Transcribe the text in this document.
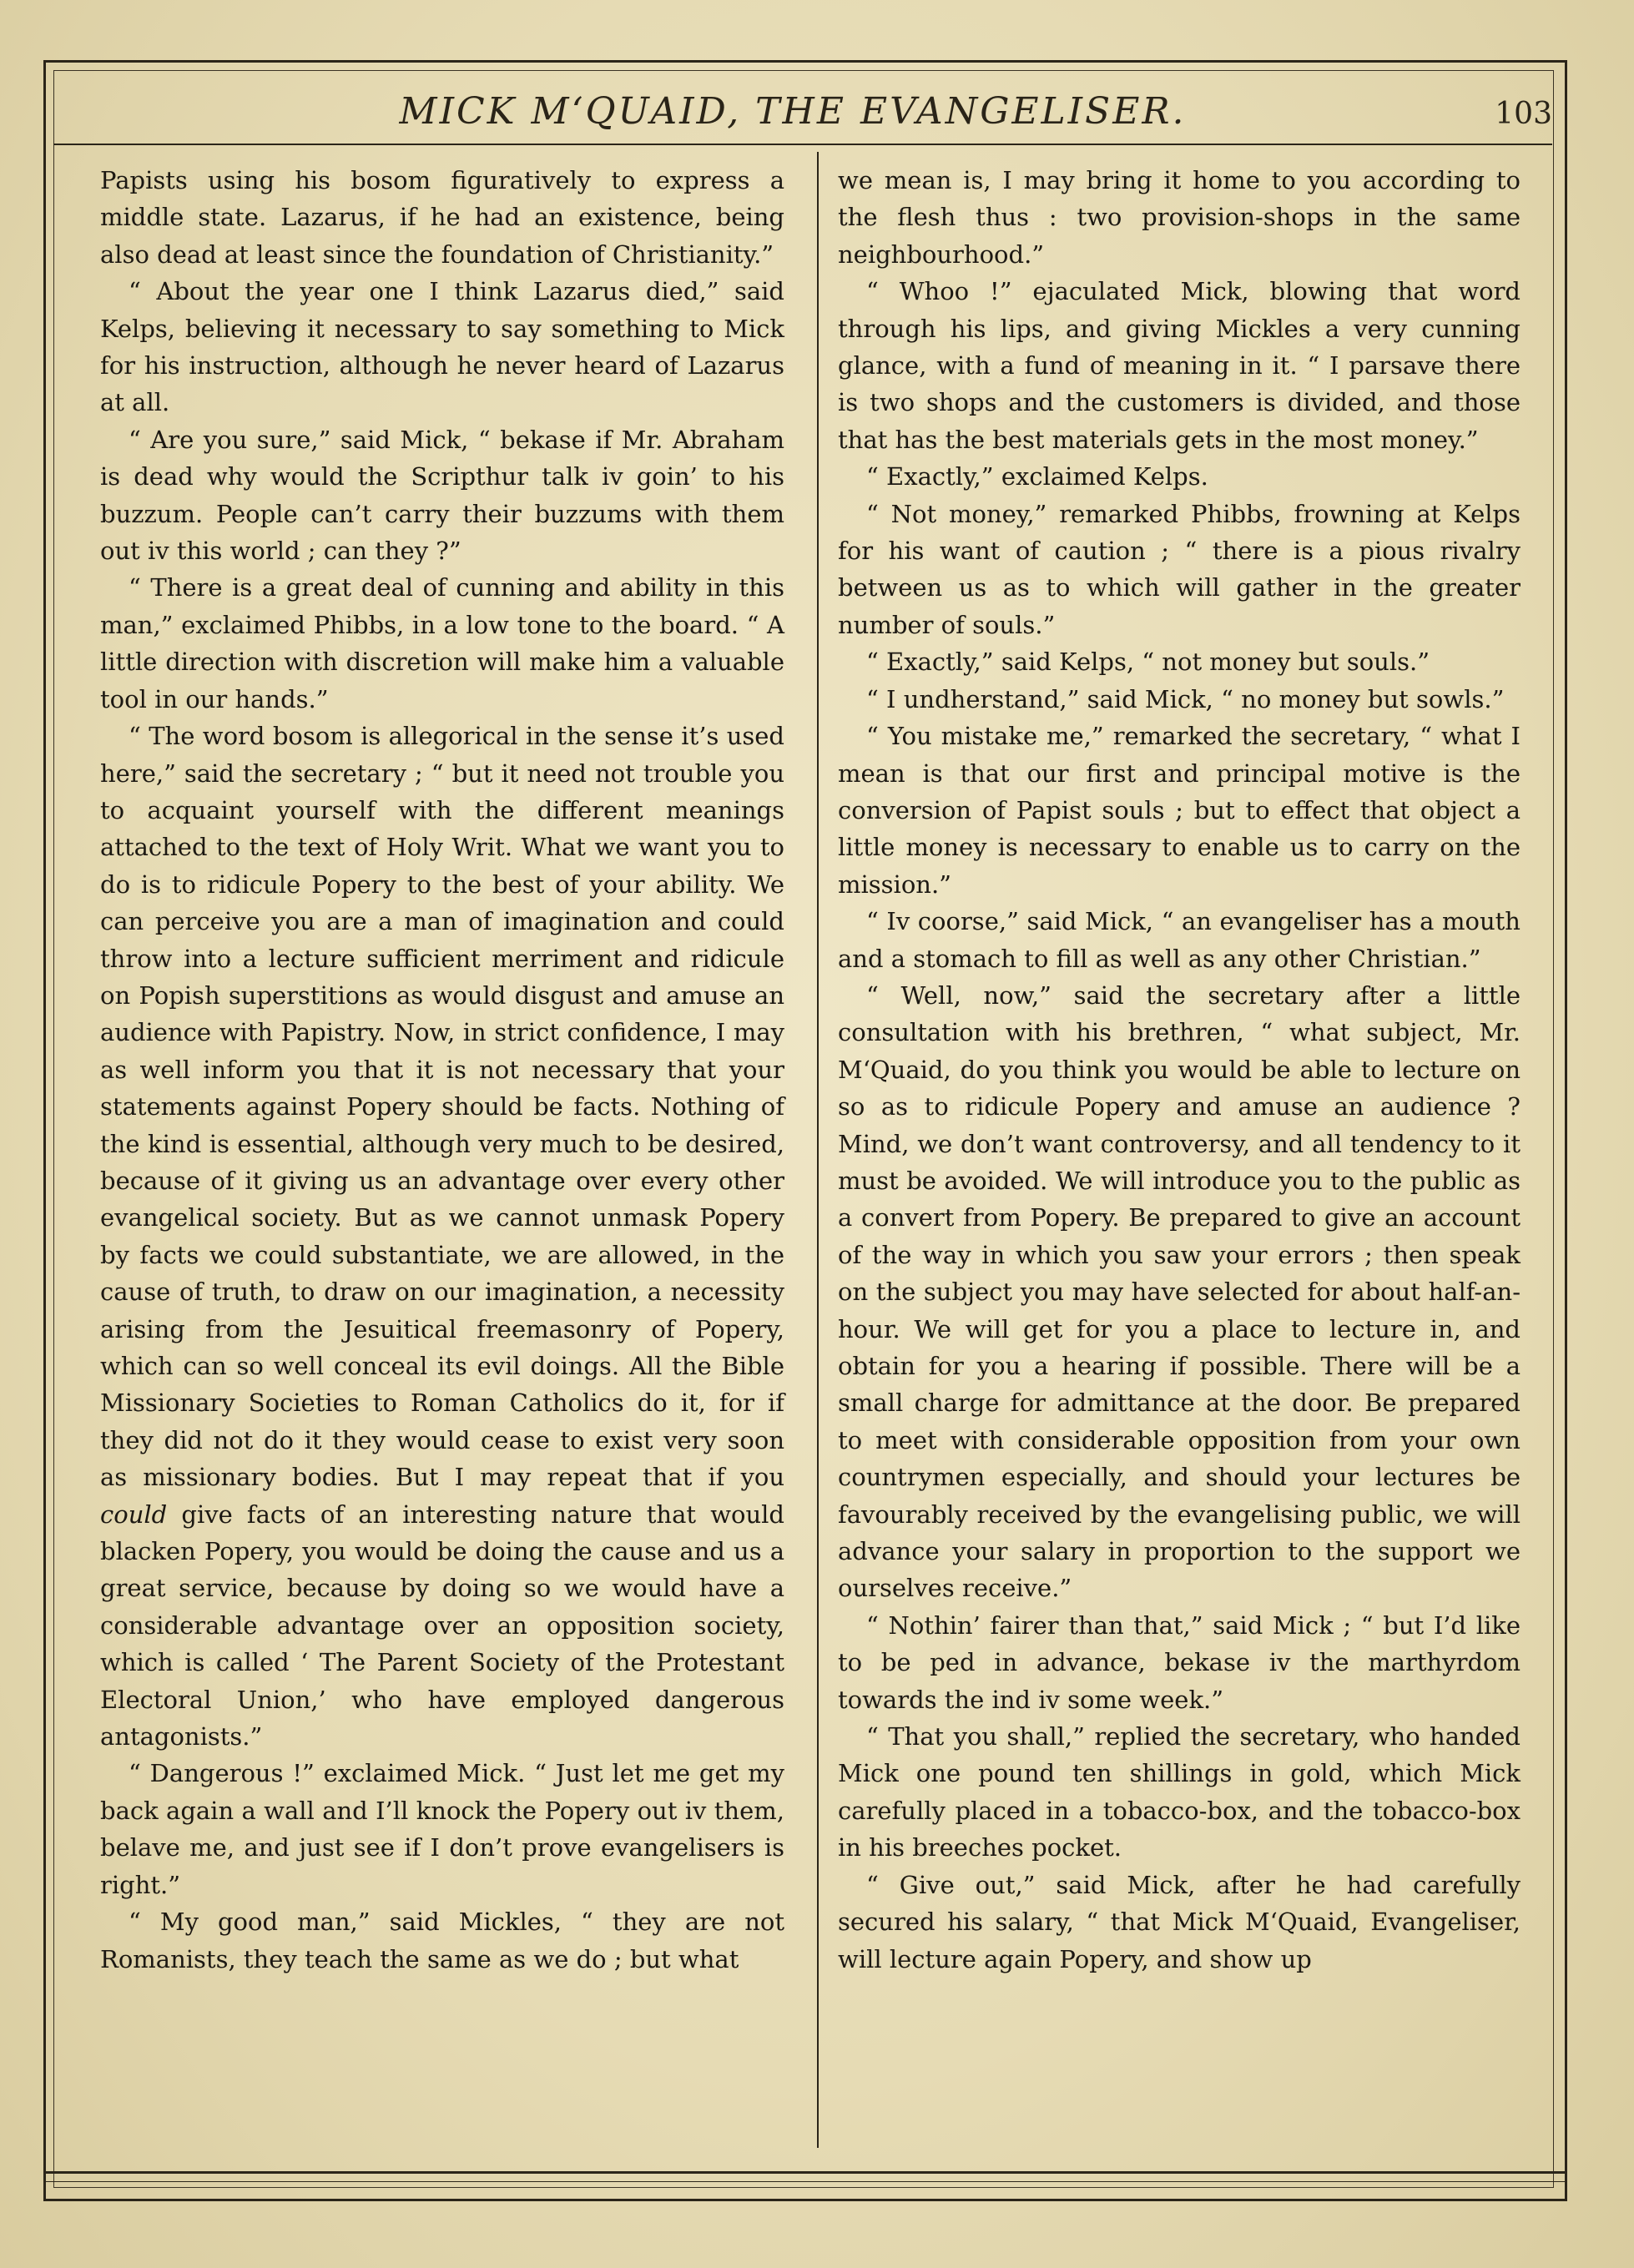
MICK M‘QUAID, THE EVANGELISER.	103

Papists using his bosom figuratively to express a middle state. Lazarus, if he had an existence, being also dead at least since the foundation of Christianity.”

“ About the year one I think Lazarus died,” said Kelps, believing it necessary to say something to Mick for his instruction, although he never heard of Lazarus at all.

“ Are you sure,” said Mick, “ bekase if Mr. Abraham is dead why would the Scripthur talk iv goin’ to his buzzum. People can’t carry their buzzums with them out iv this world ; can they ?”

“ There is a great deal of cunning and ability in this man,” exclaimed Phibbs, in a low tone to the board. “ A little direction with discretion will make him a valuable tool in our hands.”

“ The word bosom is allegorical in the sense it’s used here,” said the secretary ; “ but it need not trouble you to acquaint yourself with the different meanings attached to the text of Holy Writ. What we want you to do is to ridicule Popery to the best of your ability. We can perceive you are a man of imagination and could throw into a lecture sufficient merriment and ridicule on Popish superstitions as would disgust and amuse an audience with Papistry. Now, in strict confidence, I may as well inform you that it is not necessary that your statements against Popery should be facts. Nothing of the kind is essential, although very much to be desired, because of it giving us an advantage over every other evangelical society. But as we cannot unmask Popery by facts we could substantiate, we are allowed, in the cause of truth, to draw on our imagination, a necessity arising from the Jesuitical freemasonry of Popery, which can so well conceal its evil doings. All the Bible Missionary Societies to Roman Catholics do it, for if they did not do it they would cease to exist very soon as missionary bodies. But I may repeat that if you could give facts of an interesting nature that would blacken Popery, you would be doing the cause and us a great service, because by doing so we would have a considerable advantage over an opposition society, which is called ‘ The Parent Society of the Protestant Electoral Union,’ who have employed dangerous antagonists.”

“ Dangerous !” exclaimed Mick. “ Just let me get my back again a wall and I’ll knock the Popery out iv them, belave me, and just see if I don’t prove evangelisers is right.”

“ My good man,” said Mickles, “ they are not Romanists, they teach the same as we do ; but what

we mean is, I may bring it home to you according to the flesh thus : two provision-shops in the same neighbourhood.”

“ Whoo !” ejaculated Mick, blowing that word through his lips, and giving Mickles a very cunning glance, with a fund of meaning in it. “ I parsave there is two shops and the customers is divided, and those that has the best materials gets in the most money.”

“ Exactly,” exclaimed Kelps.

“ Not money,” remarked Phibbs, frowning at Kelps for his want of caution ; “ there is a pious rivalry between us as to which will gather in the greater number of souls.”

“ Exactly,” said Kelps, “ not money but souls.”

“ I undherstand,” said Mick, “ no money but sowls.”

“ You mistake me,” remarked the secretary, “ what I mean is that our first and principal motive is the conversion of Papist souls ; but to effect that object a little money is necessary to enable us to carry on the mission.”

“ Iv coorse,” said Mick, “ an evangeliser has a mouth and a stomach to fill as well as any other Christian.”

“ Well, now,” said the secretary after a little consultation with his brethren, “ what subject, Mr. M‘Quaid, do you think you would be able to lecture on so as to ridicule Popery and amuse an audience ? Mind, we don’t want controversy, and all tendency to it must be avoided. We will introduce you to the public as a convert from Popery. Be prepared to give an account of the way in which you saw your errors ; then speak on the subject you may have selected for about half-an-hour. We will get for you a place to lecture in, and obtain for you a hearing if possible. There will be a small charge for admittance at the door. Be prepared to meet with considerable opposition from your own countrymen especially, and should your lectures be favourably received by the evangelising public, we will advance your salary in proportion to the support we ourselves receive.”

“ Nothin’ fairer than that,” said Mick ; “ but I’d like to be ped in advance, bekase iv the marthyrdom towards the ind iv some week.”

“ That you shall,” replied the secretary, who handed Mick one pound ten shillings in gold, which Mick carefully placed in a tobacco-box, and the tobacco-box in his breeches pocket.

“ Give out,” said Mick, after he had carefully secured his salary, “ that Mick M‘Quaid, Evangeliser, will lecture again Popery, and show up
